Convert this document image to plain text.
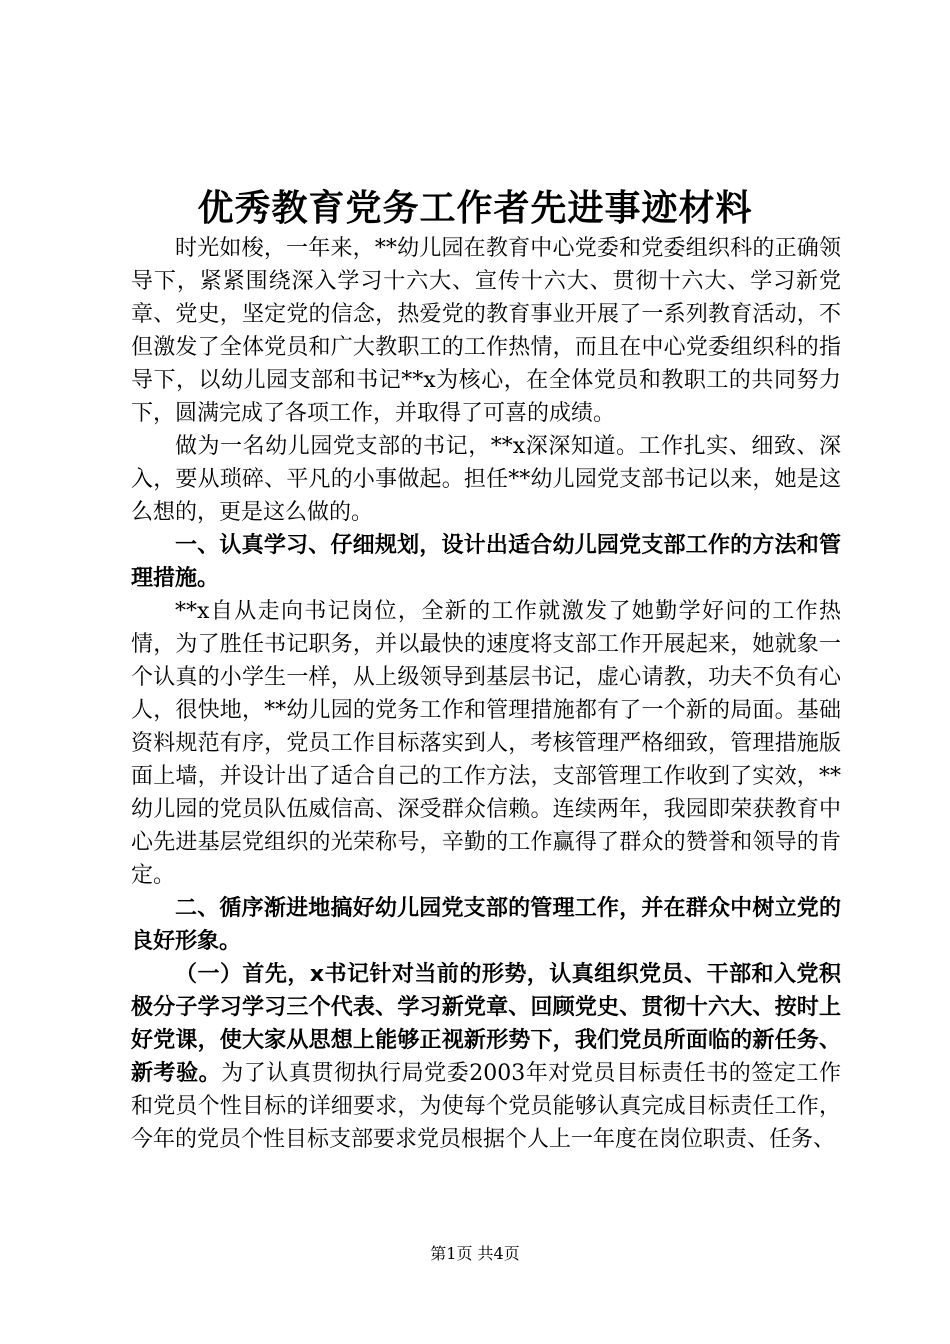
优秀教育党务工作者先进事迹材料

时光如梭，一年来，**幼儿园在教育中心党委和党委组织科的正确领导下，紧紧围绕深入学习十六大、宣传十六大、贯彻十六大、学习新党章、党史，坚定党的信念，热爱党的教育事业开展了一系列教育活动，不但激发了全体党员和广大教职工的工作热情，而且在中心党委组织科的指导下，以幼儿园支部和书记**x为核心，在全体党员和教职工的共同努力下，圆满完成了各项工作，并取得了可喜的成绩。

做为一名幼儿园党支部的书记，**x深深知道。工作扎实、细致、深入，要从琐碎、平凡的小事做起。担任**幼儿园党支部书记以来，她是这么想的，更是这么做的。

一、认真学习、仔细规划，设计出适合幼儿园党支部工作的方法和管理措施。

**x自从走向书记岗位，全新的工作就激发了她勤学好问的工作热情，为了胜任书记职务，并以最快的速度将支部工作开展起来，她就象一个认真的小学生一样，从上级领导到基层书记，虚心请教，功夫不负有心人，很快地，**幼儿园的党务工作和管理措施都有了一个新的局面。基础资料规范有序，党员工作目标落实到人，考核管理严格细致，管理措施版面上墙，并设计出了适合自己的工作方法，支部管理工作收到了实效，**幼儿园的党员队伍威信高、深受群众信赖。连续两年，我园即荣获教育中心先进基层党组织的光荣称号，辛勤的工作赢得了群众的赞誉和领导的肯定。

二、循序渐进地搞好幼儿园党支部的管理工作，并在群众中树立党的良好形象。

（一）首先，x书记针对当前的形势，认真组织党员、干部和入党积极分子学习学习三个代表、学习新党章、回顾党史、贯彻十六大、按时上好党课，使大家从思想上能够正视新形势下，我们党员所面临的新任务、新考验。为了认真贯彻执行局党委2003年对党员目标责任书的签定工作和党员个性目标的详细要求，为使每个党员能够认真完成目标责任工作，今年的党员个性目标支部要求党员根据个人上一年度在岗位职责、任务、

第1页 共4页
